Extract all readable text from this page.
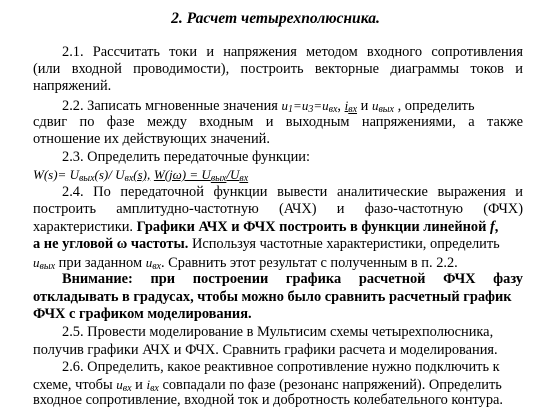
2. Расчет четырехполюсника.
2.1. Рассчитать токи и напряжения методом входного сопротивления
(или входной проводимости), построить векторные диаграммы токов и
напряжений.
2.2. Записать мгновенные значения $u_1=u_3=u_{вх}$, $i_{вх}$ и $u_{вых}$ , определить
сдвиг по фазе между входным и выходным напряжениями, а также
отношение их действующих значений.
2.3. Определить передаточные функции:
$W(s)= U_{вых}(s)/$ $U_{вх}(s)$, $W(j\omega) = U_{вых}/U_{вх}$
2.4. По передаточной функции вывести аналитические выражения и
построить амплитудно-частотную (АЧХ) и фазо-частотную (ФЧХ)
характеристики. Графики АЧХ и ФЧХ построить в функции линейной f,
а не угловой ω частоты. Используя частотные характеристики, определить
$u_{вых}$ при заданном $u_{вх}$. Сравнить этот результат с полученным в п. 2.2.
Внимание: при построении графика расчетной ФЧХ фазу
откладывать в градусах, чтобы можно было сравнить расчетный график
ФЧХ с графиком моделирования.
2.5. Провести моделирование в Мультисим схемы четырехполюсника,
получив графики АЧХ и ФЧХ. Сравнить графики расчета и моделирования.
2.6. Определить, какое реактивное сопротивление нужно подключить к
схеме, чтобы $u_{вх}$ и $i_{вх}$ совпадали по фазе (резонанс напряжений). Определить
входное сопротивление, входной ток и добротность колебательного контура.
